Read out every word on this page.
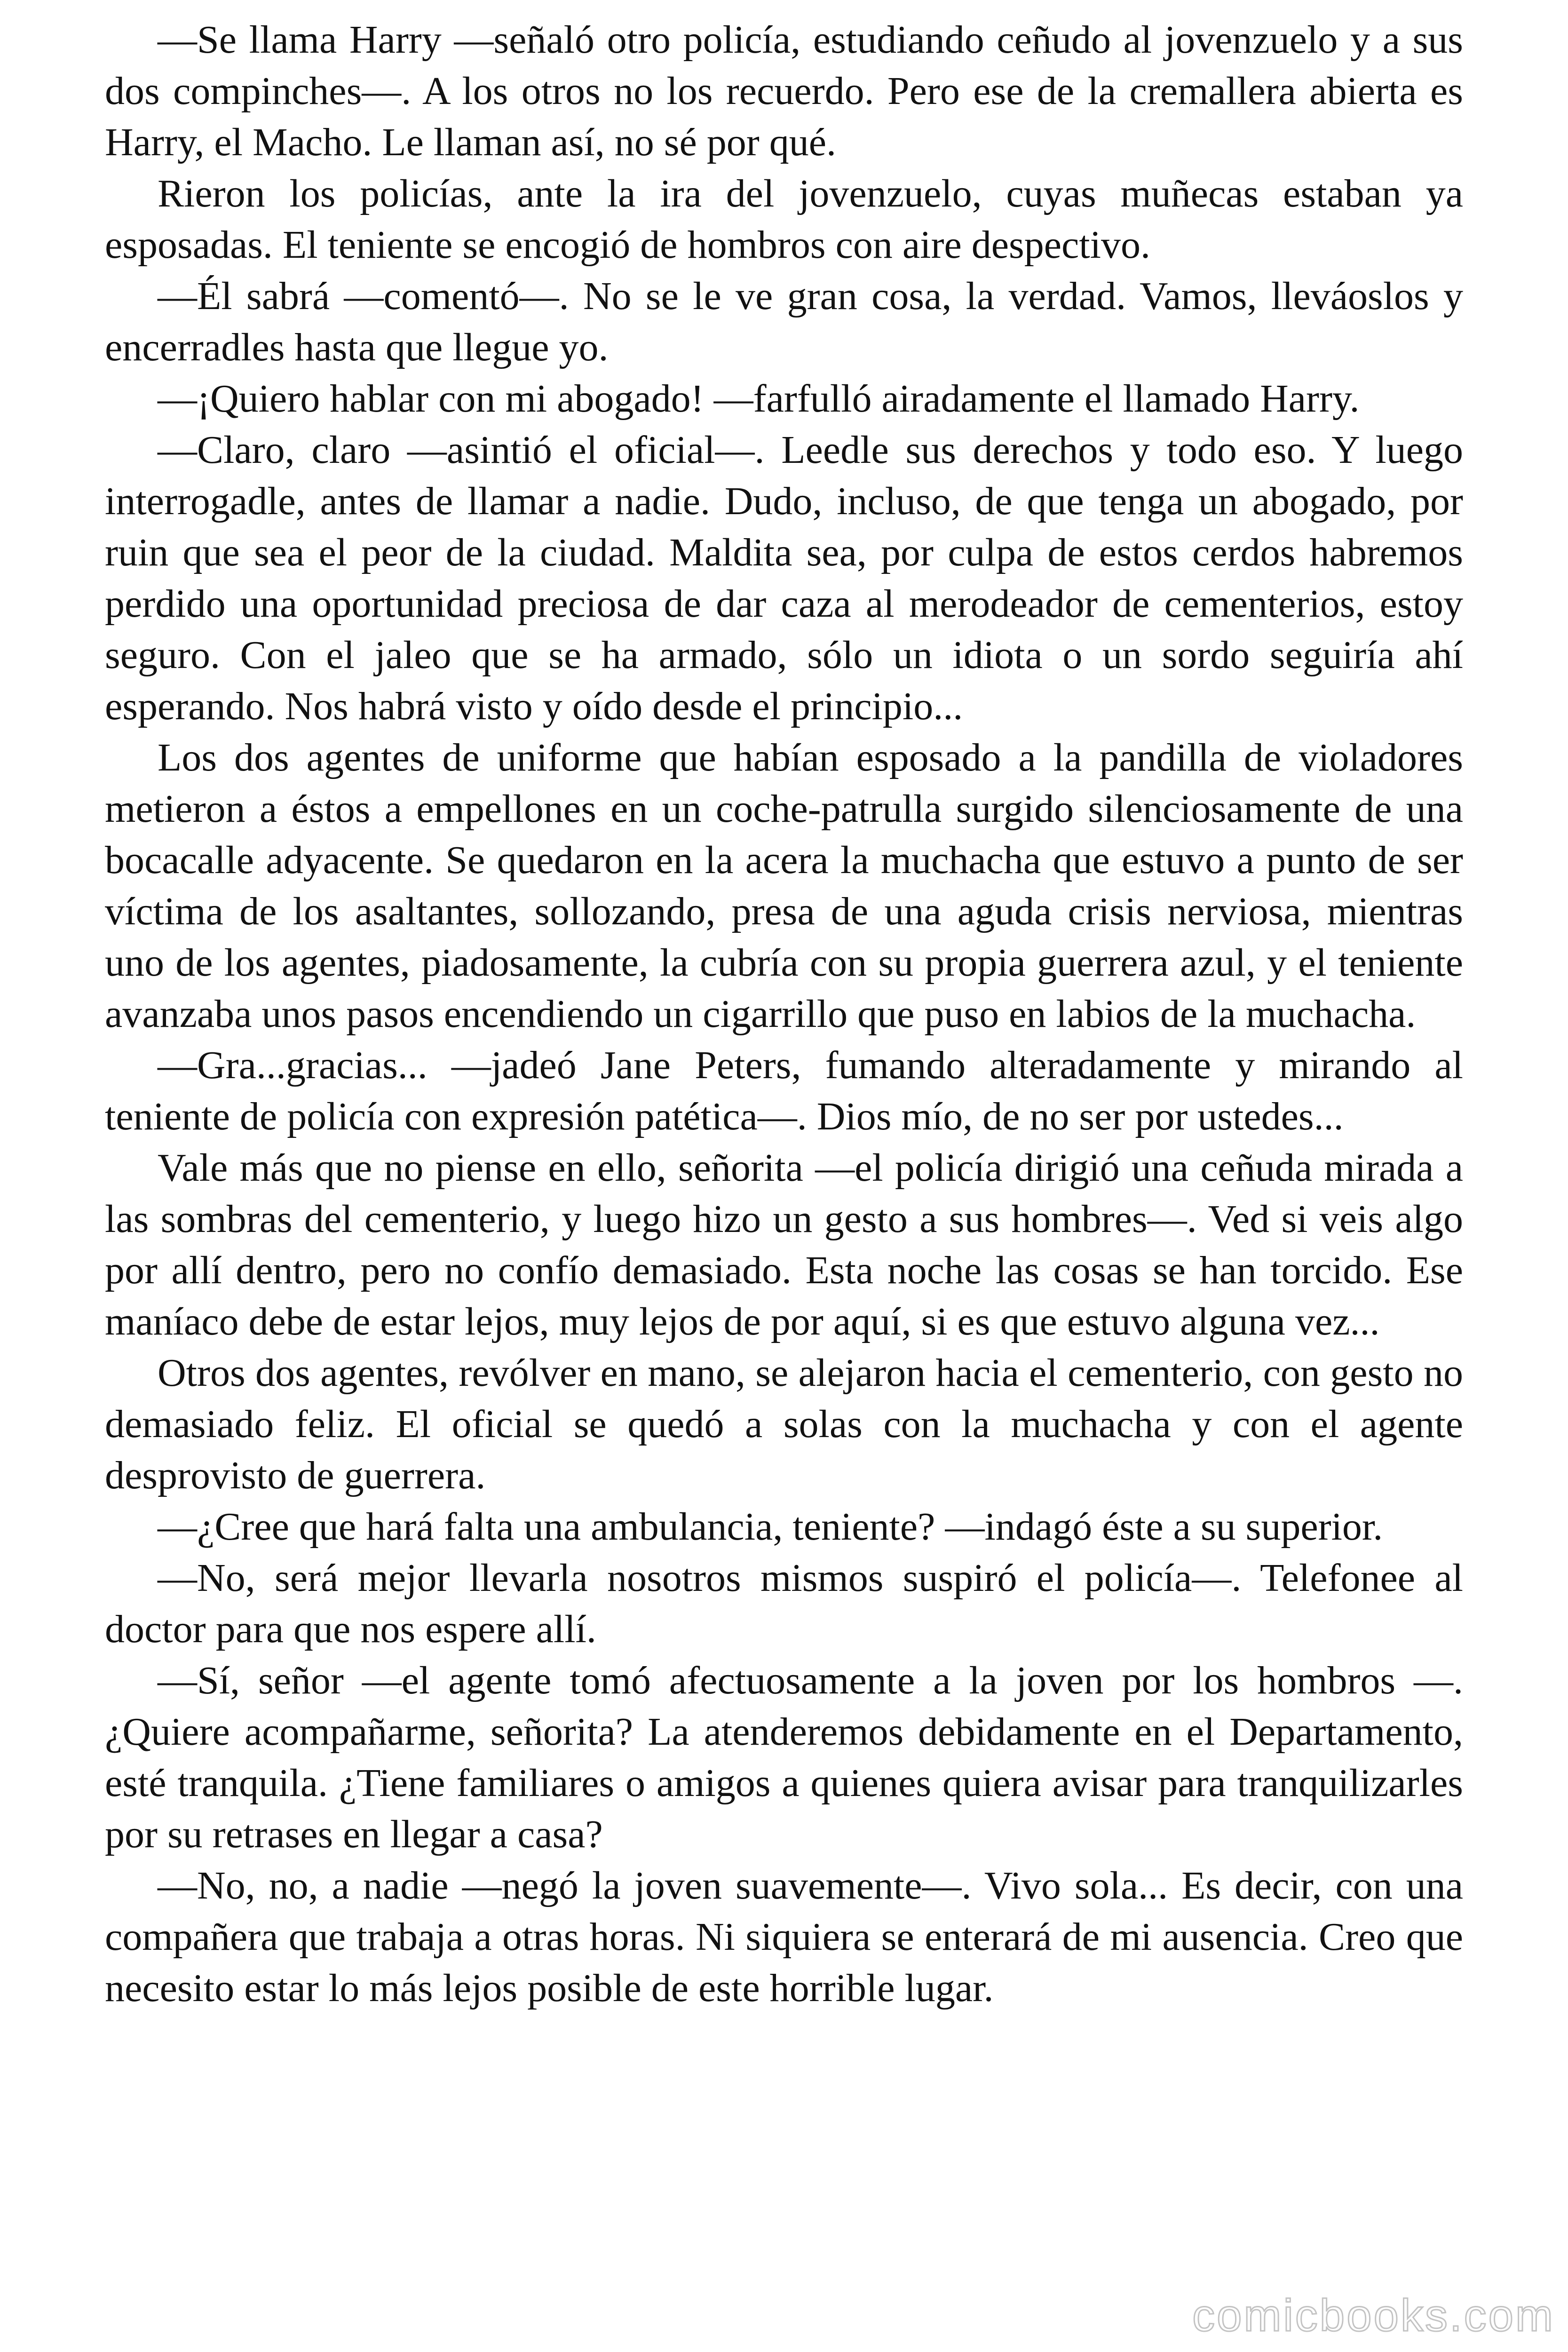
—Se llama Harry —señaló otro policía, estudiando ceñudo al jovenzuelo y a sus dos compinches—. A los otros no los recuerdo. Pero ese de la cremallera abierta es Harry, el Macho. Le llaman así, no sé por qué.

Rieron los policías, ante la ira del jovenzuelo, cuyas muñecas estaban ya esposadas. El teniente se encogió de hombros con aire despectivo.

—Él sabrá —comentó—. No se le ve gran cosa, la verdad. Vamos, lleváoslos y encerradles hasta que llegue yo.

—¡Quiero hablar con mi abogado! —farfulló airadamente el llamado Harry.

—Claro, claro —asintió el oficial—. Leedle sus derechos y todo eso. Y luego interrogadle, antes de llamar a nadie. Dudo, incluso, de que tenga un abogado, por ruin que sea el peor de la ciudad. Maldita sea, por culpa de estos cerdos habremos perdido una oportunidad preciosa de dar caza al merodeador de cementerios, estoy seguro. Con el jaleo que se ha armado, sólo un idiota o un sordo seguiría ahí esperando. Nos habrá visto y oído desde el principio...

Los dos agentes de uniforme que habían esposado a la pandilla de violadores metieron a éstos a empellones en un coche-patrulla surgido silenciosamente de una bocacalle adyacente. Se quedaron en la acera la muchacha que estuvo a punto de ser víctima de los asaltantes, sollozando, presa de una aguda crisis nerviosa, mientras uno de los agentes, piadosamente, la cubría con su propia guerrera azul, y el teniente avanzaba unos pasos encendiendo un cigarrillo que puso en labios de la muchacha.

—Gra...gracias... —jadeó Jane Peters, fumando alteradamente y mirando al teniente de policía con expresión patética—. Dios mío, de no ser por ustedes...

Vale más que no piense en ello, señorita —el policía dirigió una ceñuda mirada a las sombras del cementerio, y luego hizo un gesto a sus hombres—. Ved si veis algo por allí dentro, pero no confío demasiado. Esta noche las cosas se han torcido. Ese maníaco debe de estar lejos, muy lejos de por aquí, si es que estuvo alguna vez...

Otros dos agentes, revólver en mano, se alejaron hacia el cementerio, con gesto no demasiado feliz. El oficial se quedó a solas con la muchacha y con el agente desprovisto de guerrera.

—¿Cree que hará falta una ambulancia, teniente? —indagó éste a su superior.

—No, será mejor llevarla nosotros mismos suspiró el policía—. Telefonee al doctor para que nos espere allí.

—Sí, señor —el agente tomó afectuosamente a la joven por los hombros —. ¿Quiere acompañarme, señorita? La atenderemos debidamente en el Departamento, esté tranquila. ¿Tiene familiares o amigos a quienes quiera avisar para tranquilizarles por su retrases en llegar a casa?

—No, no, a nadie —negó la joven suavemente—. Vivo sola... Es decir, con una compañera que trabaja a otras horas. Ni siquiera se enterará de mi ausencia. Creo que necesito estar lo más lejos posible de este horrible lugar.

comicbooks.com
